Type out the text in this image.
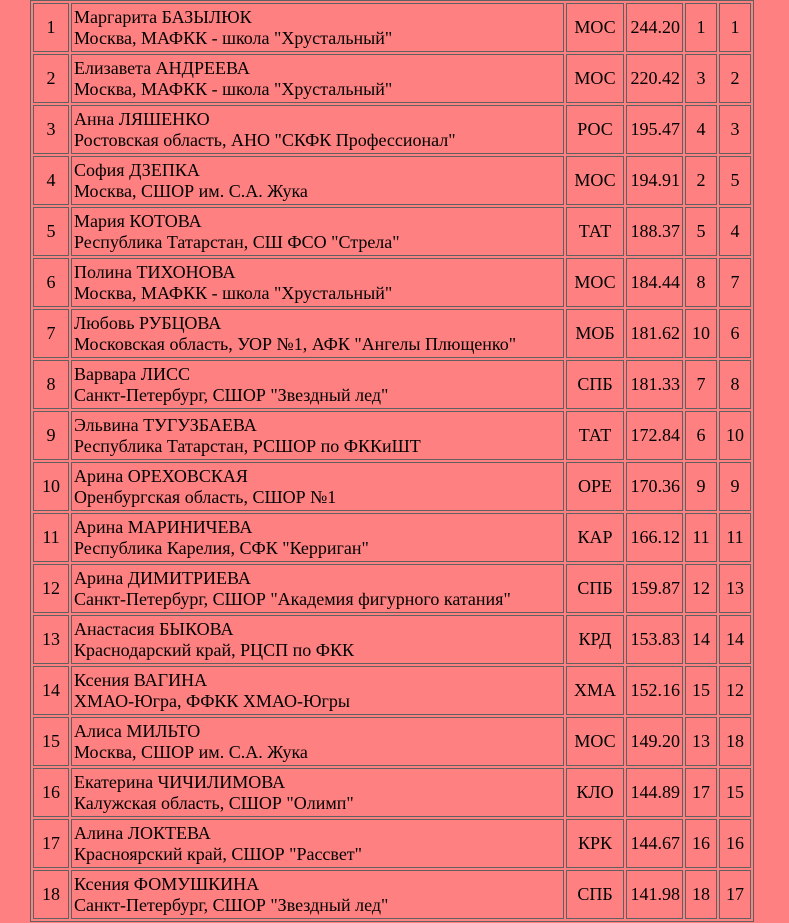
1	Маргарита БАЗЫЛЮК
Москва, МАФКК - школа "Хрустальный"	МОС	244.20	1	1
2	Елизавета АНДРЕЕВА
Москва, МАФКК - школа "Хрустальный"	МОС	220.42	3	2
3	Анна ЛЯШЕНКО
Ростовская область, АНО "СКФК Профессионал"	РОС	195.47	4	3
4	София ДЗЕПКА
Москва, СШОР им. С.А. Жука	МОС	194.91	2	5
5	Мария КОТОВА
Республика Татарстан, СШ ФСО "Стрела"	ТАТ	188.37	5	4
6	Полина ТИХОНОВА
Москва, МАФКК - школа "Хрустальный"	МОС	184.44	8	7
7	Любовь РУБЦОВА
Московская область, УОР №1, АФК "Ангелы Плющенко"	МОБ	181.62	10	6
8	Варвара ЛИСС
Санкт-Петербург, СШОР "Звездный лед"	СПБ	181.33	7	8
9	Эльвина ТУГУЗБАЕВА
Республика Татарстан, РСШОР по ФККиШТ	ТАТ	172.84	6	10
10	Арина ОРЕХОВСКАЯ
Оренбургская область, СШОР №1	ОРЕ	170.36	9	9
11	Арина МАРИНИЧЕВА
Республика Карелия, СФК "Керриган"	КАР	166.12	11	11
12	Арина ДИМИТРИЕВА
Санкт-Петербург, СШОР "Академия фигурного катания"	СПБ	159.87	12	13
13	Анастасия БЫКОВА
Краснодарский край, РЦСП по ФКК	КРД	153.83	14	14
14	Ксения ВАГИНА
ХМАО-Югра, ФФКК ХМАО-Югры	ХМА	152.16	15	12
15	Алиса МИЛЬТО
Москва, СШОР им. С.А. Жука	МОС	149.20	13	18
16	Екатерина ЧИЧИЛИМОВА
Калужская область, СШОР "Олимп"	КЛО	144.89	17	15
17	Алина ЛОКТЕВА
Красноярский край, СШОР "Рассвет"	КРК	144.67	16	16
18	Ксения ФОМУШКИНА
Санкт-Петербург, СШОР "Звездный лед"	СПБ	141.98	18	17
